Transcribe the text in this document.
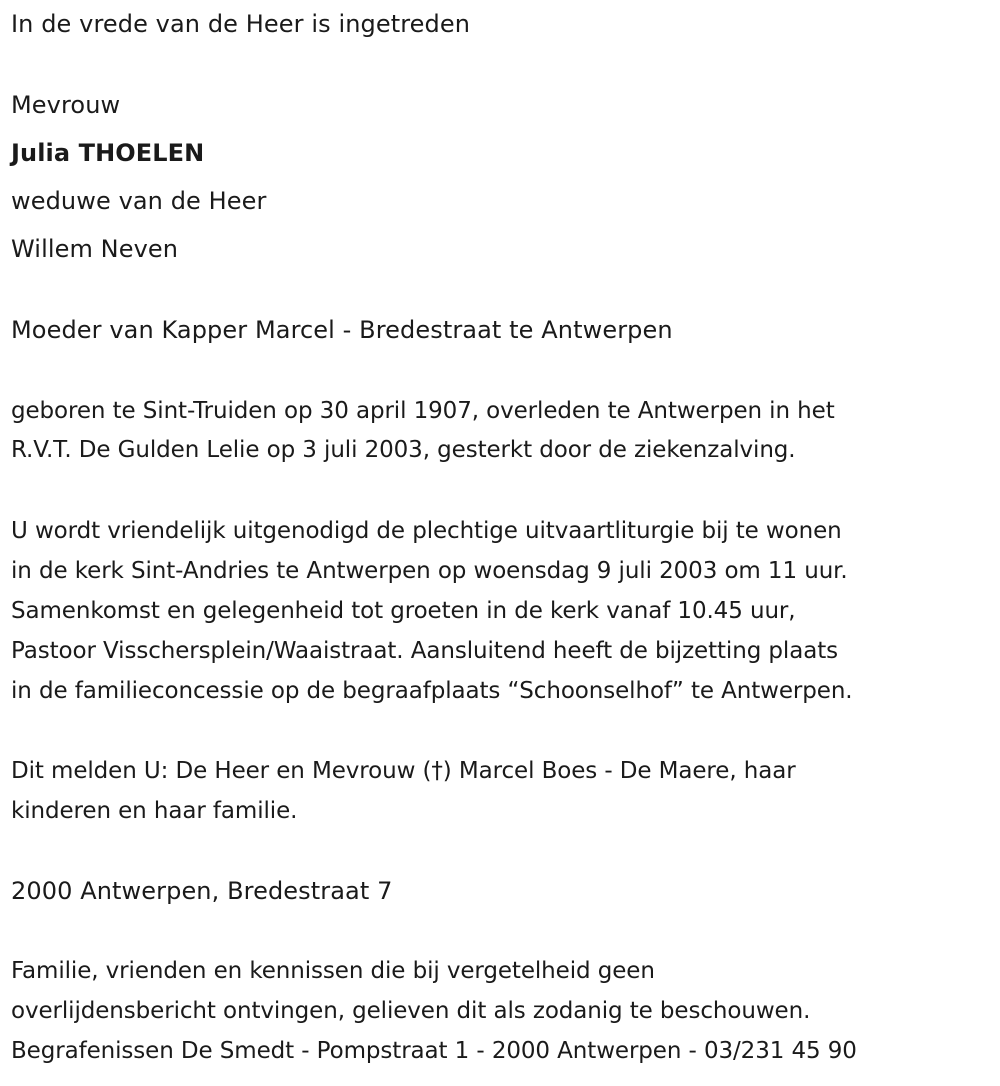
In de vrede van de Heer is ingetreden
Mevrouw
Julia THOELEN
weduwe van de Heer
Willem Neven
Moeder van Kapper Marcel - Bredestraat te Antwerpen
geboren te Sint-Truiden op 30 april 1907, overleden te Antwerpen in het
R.V.T. De Gulden Lelie op 3 juli 2003, gesterkt door de ziekenzalving.
U wordt vriendelijk uitgenodigd de plechtige uitvaartliturgie bij te wonen
in de kerk Sint-Andries te Antwerpen op woensdag 9 juli 2003 om 11 uur.
Samenkomst en gelegenheid tot groeten in de kerk vanaf 10.45 uur,
Pastoor Visschersplein/Waaistraat. Aansluitend heeft de bijzetting plaats
in de familieconcessie op de begraafplaats “Schoonselhof” te Antwerpen.
Dit melden U: De Heer en Mevrouw (†) Marcel Boes - De Maere, haar
kinderen en haar familie.
2000 Antwerpen, Bredestraat 7
Familie, vrienden en kennissen die bij vergetelheid geen
overlijdensbericht ontvingen, gelieven dit als zodanig te beschouwen.
Begrafenissen De Smedt - Pompstraat 1 - 2000 Antwerpen - 03/231 45 90
